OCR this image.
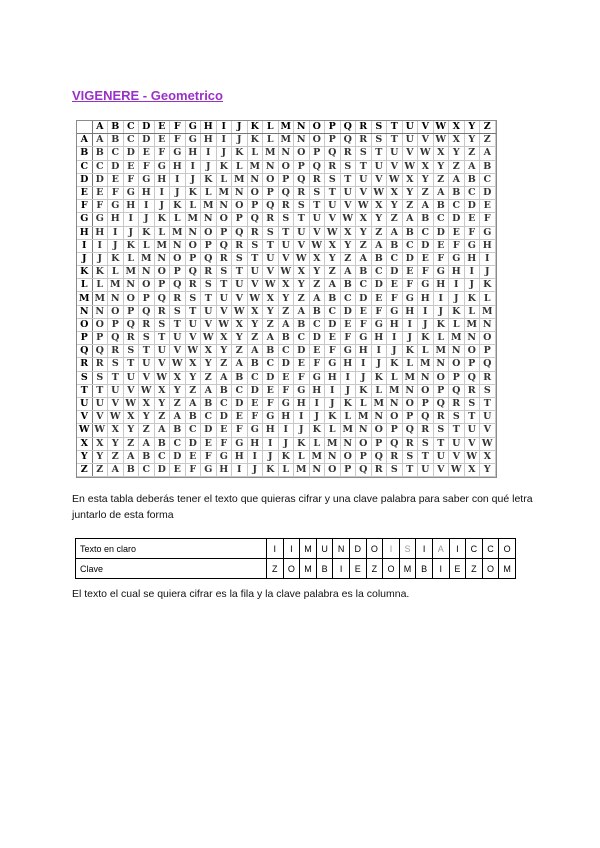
VIGENERE - Geometrico
	A	B	C	D	E	F	G	H	I	J	K	L	M	N	O	P	Q	R	S	T	U	V	W	X	Y	Z
A	A	B	C	D	E	F	G	H	I	J	K	L	M	N	O	P	Q	R	S	T	U	V	W	X	Y	Z
B	B	C	D	E	F	G	H	I	J	K	L	M	N	O	P	Q	R	S	T	U	V	W	X	Y	Z	A
C	C	D	E	F	G	H	I	J	K	L	M	N	O	P	Q	R	S	T	U	V	W	X	Y	Z	A	B
D	D	E	F	G	H	I	J	K	L	M	N	O	P	Q	R	S	T	U	V	W	X	Y	Z	A	B	C
E	E	F	G	H	I	J	K	L	M	N	O	P	Q	R	S	T	U	V	W	X	Y	Z	A	B	C	D
F	F	G	H	I	J	K	L	M	N	O	P	Q	R	S	T	U	V	W	X	Y	Z	A	B	C	D	E
G	G	H	I	J	K	L	M	N	O	P	Q	R	S	T	U	V	W	X	Y	Z	A	B	C	D	E	F
H	H	I	J	K	L	M	N	O	P	Q	R	S	T	U	V	W	X	Y	Z	A	B	C	D	E	F	G
I	I	J	K	L	M	N	O	P	Q	R	S	T	U	V	W	X	Y	Z	A	B	C	D	E	F	G	H
J	J	K	L	M	N	O	P	Q	R	S	T	U	V	W	X	Y	Z	A	B	C	D	E	F	G	H	I
K	K	L	M	N	O	P	Q	R	S	T	U	V	W	X	Y	Z	A	B	C	D	E	F	G	H	I	J
L	L	M	N	O	P	Q	R	S	T	U	V	W	X	Y	Z	A	B	C	D	E	F	G	H	I	J	K
M	M	N	O	P	Q	R	S	T	U	V	W	X	Y	Z	A	B	C	D	E	F	G	H	I	J	K	L
N	N	O	P	Q	R	S	T	U	V	W	X	Y	Z	A	B	C	D	E	F	G	H	I	J	K	L	M
O	O	P	Q	R	S	T	U	V	W	X	Y	Z	A	B	C	D	E	F	G	H	I	J	K	L	M	N
P	P	Q	R	S	T	U	V	W	X	Y	Z	A	B	C	D	E	F	G	H	I	J	K	L	M	N	O
Q	Q	R	S	T	U	V	W	X	Y	Z	A	B	C	D	E	F	G	H	I	J	K	L	M	N	O	P
R	R	S	T	U	V	W	X	Y	Z	A	B	C	D	E	F	G	H	I	J	K	L	M	N	O	P	Q
S	S	T	U	V	W	X	Y	Z	A	B	C	D	E	F	G	H	I	J	K	L	M	N	O	P	Q	R
T	T	U	V	W	X	Y	Z	A	B	C	D	E	F	G	H	I	J	K	L	M	N	O	P	Q	R	S
U	U	V	W	X	Y	Z	A	B	C	D	E	F	G	H	I	J	K	L	M	N	O	P	Q	R	S	T
V	V	W	X	Y	Z	A	B	C	D	E	F	G	H	I	J	K	L	M	N	O	P	Q	R	S	T	U
W	W	X	Y	Z	A	B	C	D	E	F	G	H	I	J	K	L	M	N	O	P	Q	R	S	T	U	V
X	X	Y	Z	A	B	C	D	E	F	G	H	I	J	K	L	M	N	O	P	Q	R	S	T	U	V	W
Y	Y	Z	A	B	C	D	E	F	G	H	I	J	K	L	M	N	O	P	Q	R	S	T	U	V	W	X
Z	Z	A	B	C	D	E	F	G	H	I	J	K	L	M	N	O	P	Q	R	S	T	U	V	W	X	Y
En esta tabla deberás tener el texto que quieras cifrar y una clave palabra para saber con qué letra juntarlo de esta forma
Texto en claro	I	I	M	U	N	D	O	I	S	I	A	I	C	C	O
Clave	Z	O	M	B	I	E	Z	O	M	B	I	E	Z	O	M
El texto el cual se quiera cifrar es la fila y la clave palabra es la columna.
